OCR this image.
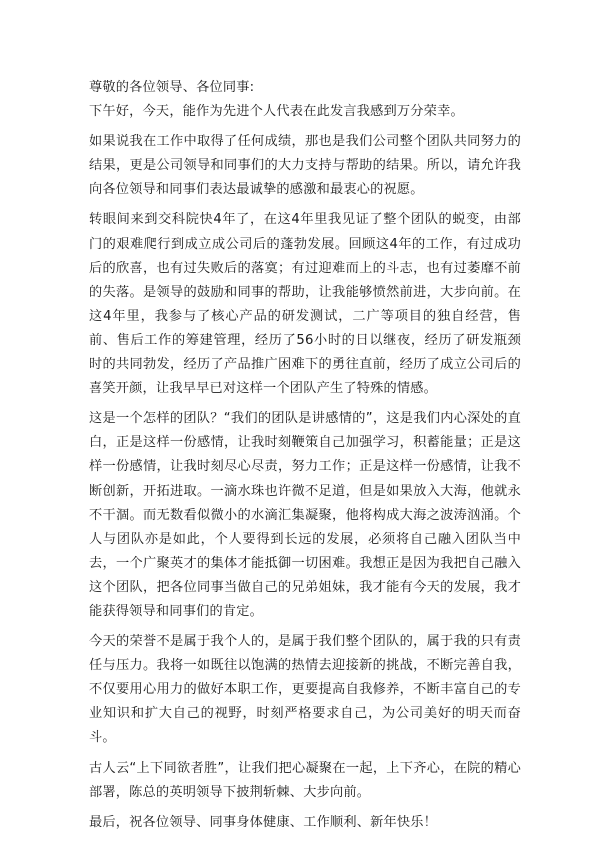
尊敬的各位领导、各位同事:

下午好，今天，能作为先进个人代表在此发言我感到万分荣幸。

如果说我在工作中取得了任何成绩，那也是我们公司整个团队共同努力的结果，更是公司领导和同事们的大力支持与帮助的结果。所以，请允许我向各位领导和同事们表达最诚挚的感激和最衷心的祝愿。

转眼间来到交科院快4年了，在这4年里我见证了整个团队的蜕变，由部门的艰难爬行到成立成公司后的蓬勃发展。回顾这4年的工作，有过成功后的欣喜，也有过失败后的落寞；有过迎难而上的斗志，也有过萎靡不前的失落。是领导的鼓励和同事的帮助，让我能够愤然前进，大步向前。在这4年里，我参与了核心产品的研发测试，二广等项目的独自经营，售前、售后工作的筹建管理，经历了56小时的日以继夜，经历了研发瓶颈时的共同勃发，经历了产品推广困难下的勇往直前，经历了成立公司后的喜笑开颜，让我早早已对这样一个团队产生了特殊的情感。

这是一个怎样的团队？“我们的团队是讲感情的”，这是我们内心深处的直白，正是这样一份感情，让我时刻鞭策自己加强学习，积蓄能量；正是这样一份感情，让我时刻尽心尽责，努力工作；正是这样一份感情，让我不断创新，开拓进取。一滴水珠也许微不足道，但是如果放入大海，他就永不干涸。而无数看似微小的水滴汇集凝聚，他将构成大海之波涛汹涌。个人与团队亦是如此，个人要得到长远的发展，必须将自己融入团队当中去，一个广聚英才的集体才能抵御一切困难。我想正是因为我把自己融入这个团队，把各位同事当做自己的兄弟姐妹，我才能有今天的发展，我才能获得领导和同事们的肯定。

今天的荣誉不是属于我个人的，是属于我们整个团队的，属于我的只有责任与压力。我将一如既往以饱满的热情去迎接新的挑战，不断完善自我，不仅要用心用力的做好本职工作，更要提高自我修养，不断丰富自己的专业知识和扩大自己的视野，时刻严格要求自己，为公司美好的明天而奋斗。

古人云“上下同欲者胜”，让我们把心凝聚在一起，上下齐心，在院的精心部署，陈总的英明领导下披荆斩棘、大步向前。

最后，祝各位领导、同事身体健康、工作顺利、新年快乐！
